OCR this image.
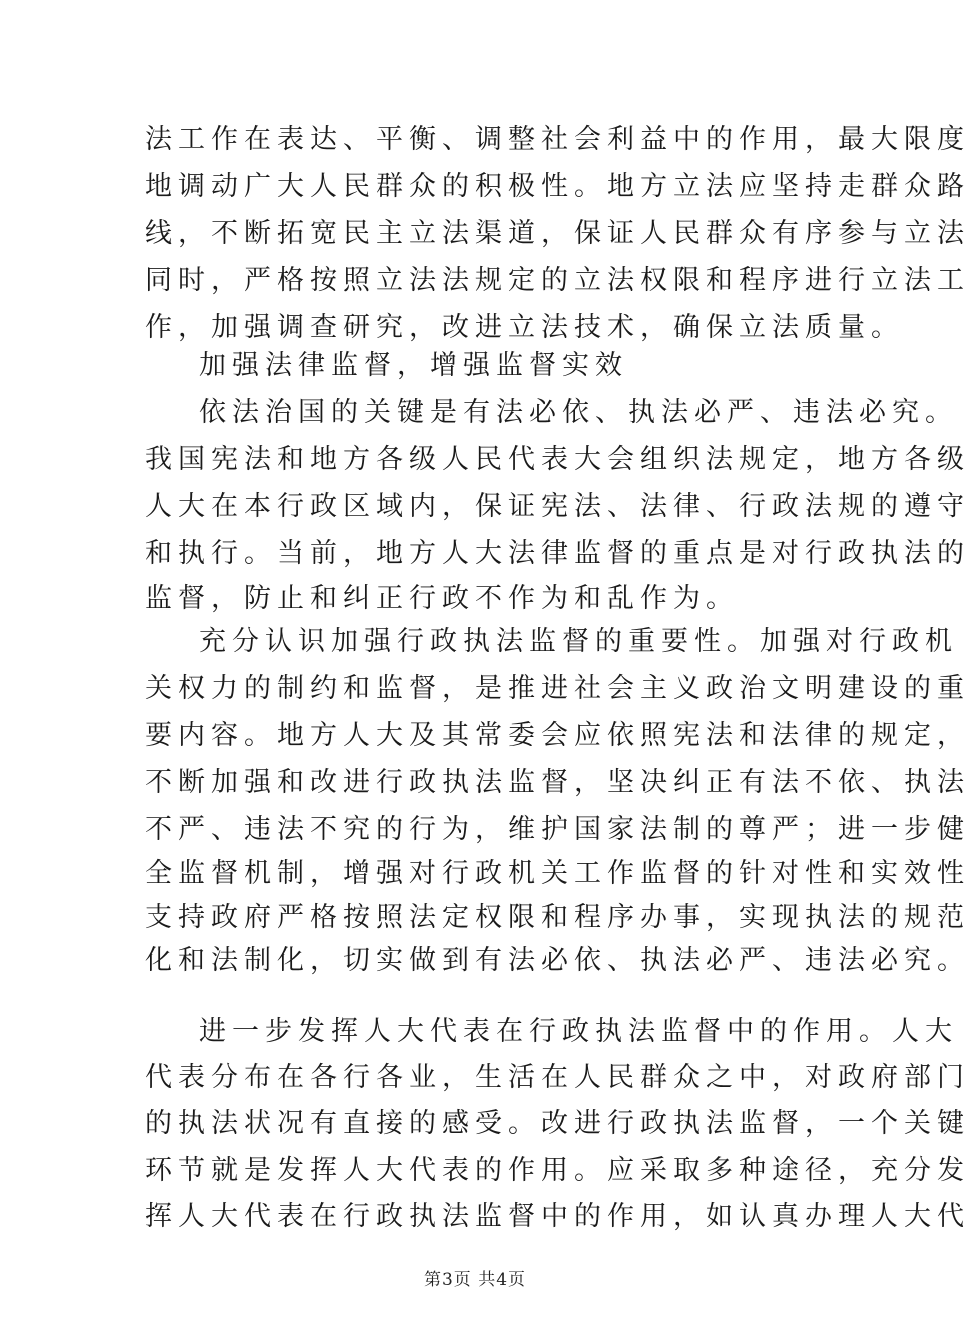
法工作在表达、平衡、调整社会利益中的作用，最大限度
地调动广大人民群众的积极性。地方立法应坚持走群众路
线，不断拓宽民主立法渠道，保证人民群众有序参与立法
同时，严格按照立法法规定的立法权限和程序进行立法工
作，加强调查研究，改进立法技术，确保立法质量。
加强法律监督，增强监督实效
依法治国的关键是有法必依、执法必严、违法必究。
我国宪法和地方各级人民代表大会组织法规定，地方各级
人大在本行政区域内，保证宪法、法律、行政法规的遵守
和执行。当前，地方人大法律监督的重点是对行政执法的
监督，防止和纠正行政不作为和乱作为。
充分认识加强行政执法监督的重要性。加强对行政机
关权力的制约和监督，是推进社会主义政治文明建设的重
要内容。地方人大及其常委会应依照宪法和法律的规定，
不断加强和改进行政执法监督，坚决纠正有法不依、执法
不严、违法不究的行为，维护国家法制的尊严；进一步健
全监督机制，增强对行政机关工作监督的针对性和实效性
支持政府严格按照法定权限和程序办事，实现执法的规范
化和法制化，切实做到有法必依、执法必严、违法必究。
进一步发挥人大代表在行政执法监督中的作用。人大
代表分布在各行各业，生活在人民群众之中，对政府部门
的执法状况有直接的感受。改进行政执法监督，一个关键
环节就是发挥人大代表的作用。应采取多种途径，充分发
挥人大代表在行政执法监督中的作用，如认真办理人大代
第3页 共4页
